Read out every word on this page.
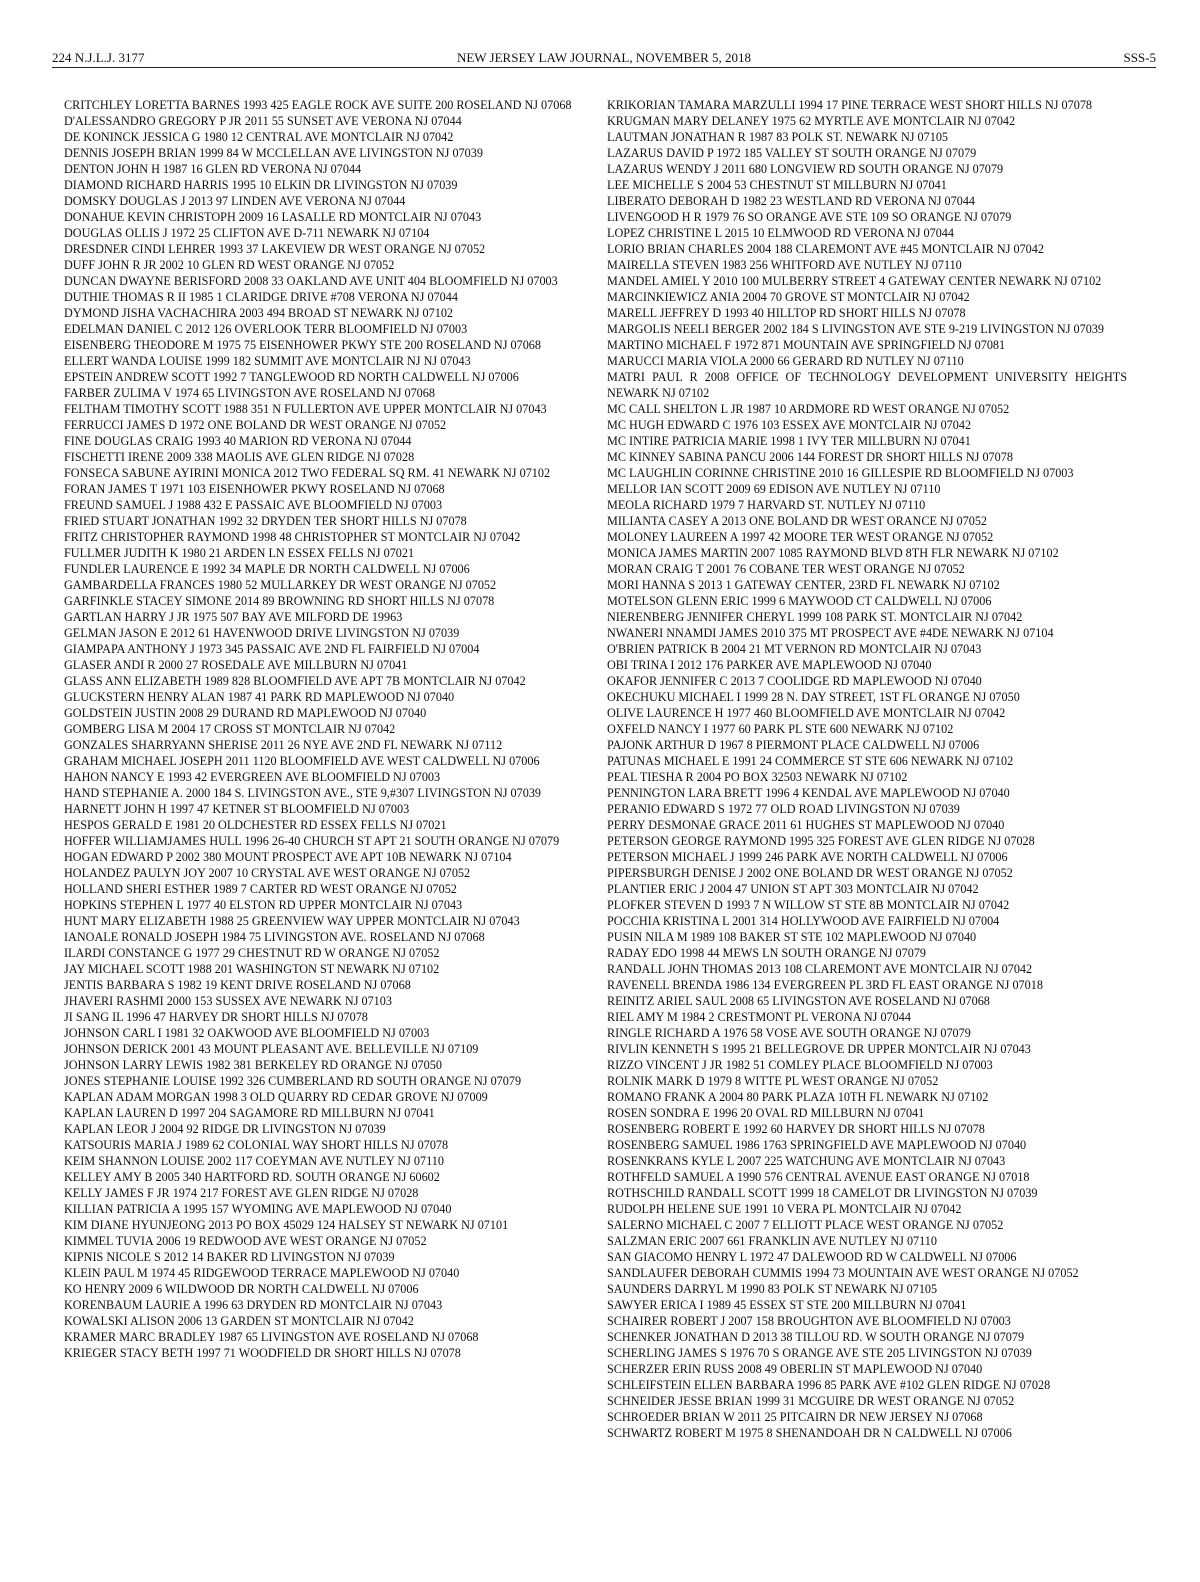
224 N.J.L.J. 3177	NEW JERSEY LAW JOURNAL, NOVEMBER 5, 2018	SSS-5

CRITCHLEY LORETTA BARNES 1993 425 EAGLE ROCK AVE SUITE 200 ROSELAND NJ 07068

D'ALESSANDRO GREGORY P JR 2011 55 SUNSET AVE VERONA NJ 07044

DE KONINCK JESSICA G 1980 12 CENTRAL AVE MONTCLAIR NJ 07042

DENNIS JOSEPH BRIAN 1999 84 W MCCLELLAN AVE LIVINGSTON NJ 07039

DENTON JOHN H 1987 16 GLEN RD VERONA NJ 07044

DIAMOND RICHARD HARRIS 1995 10 ELKIN DR LIVINGSTON NJ 07039

DOMSKY DOUGLAS J 2013 97 LINDEN AVE VERONA NJ 07044

DONAHUE KEVIN CHRISTOPH 2009 16 LASALLE RD MONTCLAIR NJ 07043

DOUGLAS OLLIS J 1972 25 CLIFTON AVE D-711 NEWARK NJ 07104

DRESDNER CINDI LEHRER 1993 37 LAKEVIEW DR WEST ORANGE NJ 07052

DUFF JOHN R JR 2002 10 GLEN RD WEST ORANGE NJ 07052

DUNCAN DWAYNE BERISFORD 2008 33 OAKLAND AVE UNIT 404 BLOOMFIELD NJ 07003

DUTHIE THOMAS R II 1985 1 CLARIDGE DRIVE #708 VERONA NJ 07044

DYMOND JISHA VACHACHIRA 2003 494 BROAD ST NEWARK NJ 07102

EDELMAN DANIEL C 2012 126 OVERLOOK TERR BLOOMFIELD NJ 07003

EISENBERG THEODORE M 1975 75 EISENHOWER PKWY STE 200 ROSELAND NJ 07068

ELLERT WANDA LOUISE 1999 182 SUMMIT AVE MONTCLAIR NJ NJ 07043

EPSTEIN ANDREW SCOTT 1992 7 TANGLEWOOD RD NORTH CALDWELL NJ 07006

FARBER ZULIMA V 1974 65 LIVINGSTON AVE ROSELAND NJ 07068

FELTHAM TIMOTHY SCOTT 1988 351 N FULLERTON AVE UPPER MONTCLAIR NJ 07043

FERRUCCI JAMES D 1972 ONE BOLAND DR WEST ORANGE NJ 07052

FINE DOUGLAS CRAIG 1993 40 MARION RD VERONA NJ 07044

FISCHETTI IRENE 2009 338 MAOLIS AVE GLEN RIDGE NJ 07028

FONSECA SABUNE AYIRINI MONICA 2012 TWO FEDERAL SQ RM. 41 NEWARK NJ 07102

FORAN JAMES T 1971 103 EISENHOWER PKWY ROSELAND NJ 07068

FREUND SAMUEL J 1988 432 E PASSAIC AVE BLOOMFIELD NJ 07003

FRIED STUART JONATHAN 1992 32 DRYDEN TER SHORT HILLS NJ 07078

FRITZ CHRISTOPHER RAYMOND 1998 48 CHRISTOPHER ST MONTCLAIR NJ 07042

FULLMER JUDITH K 1980 21 ARDEN LN ESSEX FELLS NJ 07021

FUNDLER LAURENCE E 1992 34 MAPLE DR NORTH CALDWELL NJ 07006

GAMBARDELLA FRANCES 1980 52 MULLARKEY DR WEST ORANGE NJ 07052

GARFINKLE STACEY SIMONE 2014 89 BROWNING RD SHORT HILLS NJ 07078

GARTLAN HARRY J JR 1975 507 BAY AVE MILFORD DE 19963

GELMAN JASON E 2012 61 HAVENWOOD DRIVE LIVINGSTON NJ 07039

GIAMPAPA ANTHONY J 1973 345 PASSAIC AVE 2ND FL FAIRFIELD NJ 07004

GLASER ANDI R 2000 27 ROSEDALE AVE MILLBURN NJ 07041

GLASS ANN ELIZABETH 1989 828 BLOOMFIELD AVE APT 7B MONTCLAIR NJ 07042

GLUCKSTERN HENRY ALAN 1987 41 PARK RD MAPLEWOOD NJ 07040

GOLDSTEIN JUSTIN 2008 29 DURAND RD MAPLEWOOD NJ 07040

GOMBERG LISA M 2004 17 CROSS ST MONTCLAIR NJ 07042

GONZALES SHARRYANN SHERISE 2011 26 NYE AVE 2ND FL NEWARK NJ 07112

GRAHAM MICHAEL JOSEPH 2011 1120 BLOOMFIELD AVE WEST CALDWELL NJ 07006

HAHON NANCY E 1993 42 EVERGREEN AVE BLOOMFIELD NJ 07003

HAND STEPHANIE A. 2000 184 S. LIVINGSTON AVE., STE 9,#307 LIVINGSTON NJ 07039

HARNETT JOHN H 1997 47 KETNER ST BLOOMFIELD NJ 07003

HESPOS GERALD E 1981 20 OLDCHESTER RD ESSEX FELLS NJ 07021

HOFFER WILLIAMJAMES HULL 1996 26-40 CHURCH ST APT 21 SOUTH ORANGE NJ 07079

HOGAN EDWARD P 2002 380 MOUNT PROSPECT AVE APT 10B NEWARK NJ 07104

HOLANDEZ PAULYN JOY 2007 10 CRYSTAL AVE WEST ORANGE NJ 07052

HOLLAND SHERI ESTHER 1989 7 CARTER RD WEST ORANGE NJ 07052

HOPKINS STEPHEN L 1977 40 ELSTON RD UPPER MONTCLAIR NJ 07043

HUNT MARY ELIZABETH 1988 25 GREENVIEW WAY UPPER MONTCLAIR NJ 07043

IANOALE RONALD JOSEPH 1984 75 LIVINGSTON AVE. ROSELAND NJ 07068

ILARDI CONSTANCE G 1977 29 CHESTNUT RD W ORANGE NJ 07052

JAY MICHAEL SCOTT 1988 201 WASHINGTON ST NEWARK NJ 07102

JENTIS BARBARA S 1982 19 KENT DRIVE ROSELAND NJ 07068

JHAVERI RASHMI 2000 153 SUSSEX AVE NEWARK NJ 07103

JI SANG IL 1996 47 HARVEY DR SHORT HILLS NJ 07078

JOHNSON CARL I 1981 32 OAKWOOD AVE BLOOMFIELD NJ 07003

JOHNSON DERICK 2001 43 MOUNT PLEASANT AVE. BELLEVILLE NJ 07109

JOHNSON LARRY LEWIS 1982 381 BERKELEY RD ORANGE NJ 07050

JONES STEPHANIE LOUISE 1992 326 CUMBERLAND RD SOUTH ORANGE NJ 07079

KAPLAN ADAM MORGAN 1998 3 OLD QUARRY RD CEDAR GROVE NJ 07009

KAPLAN LAUREN D 1997 204 SAGAMORE RD MILLBURN NJ 07041

KAPLAN LEOR J 2004 92 RIDGE DR LIVINGSTON NJ 07039

KATSOURIS MARIA J 1989 62 COLONIAL WAY SHORT HILLS NJ 07078

KEIM SHANNON LOUISE 2002 117 COEYMAN AVE NUTLEY NJ 07110

KELLEY AMY B 2005 340 HARTFORD RD. SOUTH ORANGE NJ 60602

KELLY JAMES F JR 1974 217 FOREST AVE GLEN RIDGE NJ 07028

KILLIAN PATRICIA A 1995 157 WYOMING AVE MAPLEWOOD NJ 07040

KIM DIANE HYUNJEONG 2013 PO BOX 45029 124 HALSEY ST NEWARK NJ 07101

KIMMEL TUVIA 2006 19 REDWOOD AVE WEST ORANGE NJ 07052

KIPNIS NICOLE S 2012 14 BAKER RD LIVINGSTON NJ 07039

KLEIN PAUL M 1974 45 RIDGEWOOD TERRACE MAPLEWOOD NJ 07040

KO HENRY 2009 6 WILDWOOD DR NORTH CALDWELL NJ 07006

KORENBAUM LAURIE A 1996 63 DRYDEN RD MONTCLAIR NJ 07043

KOWALSKI ALISON 2006 13 GARDEN ST MONTCLAIR NJ 07042

KRAMER MARC BRADLEY 1987 65 LIVINGSTON AVE ROSELAND NJ 07068

KRIEGER STACY BETH 1997 71 WOODFIELD DR SHORT HILLS NJ 07078

KRIKORIAN TAMARA MARZULLI 1994 17 PINE TERRACE WEST SHORT HILLS NJ 07078

KRUGMAN MARY DELANEY 1975 62 MYRTLE AVE MONTCLAIR NJ 07042

LAUTMAN JONATHAN R 1987 83 POLK ST. NEWARK NJ 07105

LAZARUS DAVID P 1972 185 VALLEY ST SOUTH ORANGE NJ 07079

LAZARUS WENDY J 2011 680 LONGVIEW RD SOUTH ORANGE NJ 07079

LEE MICHELLE S 2004 53 CHESTNUT ST MILLBURN NJ 07041

LIBERATO DEBORAH D 1982 23 WESTLAND RD VERONA NJ 07044

LIVENGOOD H R 1979 76 SO ORANGE AVE STE 109 SO ORANGE NJ 07079

LOPEZ CHRISTINE L 2015 10 ELMWOOD RD VERONA NJ 07044

LORIO BRIAN CHARLES 2004 188 CLAREMONT AVE #45 MONTCLAIR NJ 07042

MAIRELLA STEVEN 1983 256 WHITFORD AVE NUTLEY NJ 07110

MANDEL AMIEL Y 2010 100 MULBERRY STREET 4 GATEWAY CENTER NEWARK NJ 07102

MARCINKIEWICZ ANIA 2004 70 GROVE ST MONTCLAIR NJ 07042

MARELL JEFFREY D 1993 40 HILLTOP RD SHORT HILLS NJ 07078

MARGOLIS NEELI BERGER 2002 184 S LIVINGSTON AVE STE 9-219 LIVINGSTON NJ 07039

MARTINO MICHAEL F 1972 871 MOUNTAIN AVE SPRINGFIELD NJ 07081

MARUCCI MARIA VIOLA 2000 66 GERARD RD NUTLEY NJ 07110

MATRI PAUL R 2008 OFFICE OF TECHNOLOGY DEVELOPMENT UNIVERSITY HEIGHTS NEWARK NJ 07102

MC CALL SHELTON L JR 1987 10 ARDMORE RD WEST ORANGE NJ 07052

MC HUGH EDWARD C 1976 103 ESSEX AVE MONTCLAIR NJ 07042

MC INTIRE PATRICIA MARIE 1998 1 IVY TER MILLBURN NJ 07041

MC KINNEY SABINA PANCU 2006 144 FOREST DR SHORT HILLS NJ 07078

MC LAUGHLIN CORINNE CHRISTINE 2010 16 GILLESPIE RD BLOOMFIELD NJ 07003

MELLOR IAN SCOTT 2009 69 EDISON AVE NUTLEY NJ 07110

MEOLA RICHARD 1979 7 HARVARD ST. NUTLEY NJ 07110

MILIANTA CASEY A 2013 ONE BOLAND DR WEST ORANCE NJ 07052

MOLONEY LAUREEN A 1997 42 MOORE TER WEST ORANGE NJ 07052

MONICA JAMES MARTIN 2007 1085 RAYMOND BLVD 8TH FLR NEWARK NJ 07102

MORAN CRAIG T 2001 76 COBANE TER WEST ORANGE NJ 07052

MORI HANNA S 2013 1 GATEWAY CENTER, 23RD FL NEWARK NJ 07102

MOTELSON GLENN ERIC 1999 6 MAYWOOD CT CALDWELL NJ 07006

NIERENBERG JENNIFER CHERYL 1999 108 PARK ST. MONTCLAIR NJ 07042

NWANERI NNAMDI JAMES 2010 375 MT PROSPECT AVE #4DE NEWARK NJ 07104

O'BRIEN PATRICK B 2004 21 MT VERNON RD MONTCLAIR NJ 07043

OBI TRINA I 2012 176 PARKER AVE MAPLEWOOD NJ 07040

OKAFOR JENNIFER C 2013 7 COOLIDGE RD MAPLEWOOD NJ 07040

OKECHUKU MICHAEL I 1999 28 N. DAY STREET, 1ST FL ORANGE NJ 07050

OLIVE LAURENCE H 1977 460 BLOOMFIELD AVE MONTCLAIR NJ 07042

OXFELD NANCY I 1977 60 PARK PL STE 600 NEWARK NJ 07102

PAJONK ARTHUR D 1967 8 PIERMONT PLACE CALDWELL NJ 07006

PATUNAS MICHAEL E 1991 24 COMMERCE ST STE 606 NEWARK NJ 07102

PEAL TIESHA R 2004 PO BOX 32503 NEWARK NJ 07102

PENNINGTON LARA BRETT 1996 4 KENDAL AVE MAPLEWOOD NJ 07040

PERANIO EDWARD S 1972 77 OLD ROAD LIVINGSTON NJ 07039

PERRY DESMONAE GRACE 2011 61 HUGHES ST MAPLEWOOD NJ 07040

PETERSON GEORGE RAYMOND 1995 325 FOREST AVE GLEN RIDGE NJ 07028

PETERSON MICHAEL J 1999 246 PARK AVE NORTH CALDWELL NJ 07006

PIPERSBURGH DENISE J 2002 ONE BOLAND DR WEST ORANGE NJ 07052

PLANTIER ERIC J 2004 47 UNION ST APT 303 MONTCLAIR NJ 07042

PLOFKER STEVEN D 1993 7 N WILLOW ST STE 8B MONTCLAIR NJ 07042

POCCHIA KRISTINA L 2001 314 HOLLYWOOD AVE FAIRFIELD NJ 07004

PUSIN NILA M 1989 108 BAKER ST STE 102 MAPLEWOOD NJ 07040

RADAY EDO 1998 44 MEWS LN SOUTH ORANGE NJ 07079

RANDALL JOHN THOMAS 2013 108 CLAREMONT AVE MONTCLAIR NJ 07042

RAVENELL BRENDA 1986 134 EVERGREEN PL 3RD FL EAST ORANGE NJ 07018

REINITZ ARIEL SAUL 2008 65 LIVINGSTON AVE ROSELAND NJ 07068

RIEL AMY M 1984 2 CRESTMONT PL VERONA NJ 07044

RINGLE RICHARD A 1976 58 VOSE AVE SOUTH ORANGE NJ 07079

RIVLIN KENNETH S 1995 21 BELLEGROVE DR UPPER MONTCLAIR NJ 07043

RIZZO VINCENT J JR 1982 51 COMLEY PLACE BLOOMFIELD NJ 07003

ROLNIK MARK D 1979 8 WITTE PL WEST ORANGE NJ 07052

ROMANO FRANK A 2004 80 PARK PLAZA 10TH FL NEWARK NJ 07102

ROSEN SONDRA E 1996 20 OVAL RD MILLBURN NJ 07041

ROSENBERG ROBERT E 1992 60 HARVEY DR SHORT HILLS NJ 07078

ROSENBERG SAMUEL 1986 1763 SPRINGFIELD AVE MAPLEWOOD NJ 07040

ROSENKRANS KYLE L 2007 225 WATCHUNG AVE MONTCLAIR NJ 07043

ROTHFELD SAMUEL A 1990 576 CENTRAL AVENUE EAST ORANGE NJ 07018

ROTHSCHILD RANDALL SCOTT 1999 18 CAMELOT DR LIVINGSTON NJ 07039

RUDOLPH HELENE SUE 1991 10 VERA PL MONTCLAIR NJ 07042

SALERNO MICHAEL C 2007 7 ELLIOTT PLACE WEST ORANGE NJ 07052

SALZMAN ERIC 2007 661 FRANKLIN AVE NUTLEY NJ 07110

SAN GIACOMO HENRY L 1972 47 DALEWOOD RD W CALDWELL NJ 07006

SANDLAUFER DEBORAH CUMMIS 1994 73 MOUNTAIN AVE WEST ORANGE NJ 07052

SAUNDERS DARRYL M 1990 83 POLK ST NEWARK NJ 07105

SAWYER ERICA I 1989 45 ESSEX ST STE 200 MILLBURN NJ 07041

SCHAIRER ROBERT J 2007 158 BROUGHTON AVE BLOOMFIELD NJ 07003

SCHENKER JONATHAN D 2013 38 TILLOU RD. W SOUTH ORANGE NJ 07079

SCHERLING JAMES S 1976 70 S ORANGE AVE STE 205 LIVINGSTON NJ 07039

SCHERZER ERIN RUSS 2008 49 OBERLIN ST MAPLEWOOD NJ 07040

SCHLEIFSTEIN ELLEN BARBARA 1996 85 PARK AVE #102 GLEN RIDGE NJ 07028

SCHNEIDER JESSE BRIAN 1999 31 MCGUIRE DR WEST ORANGE NJ 07052

SCHROEDER BRIAN W 2011 25 PITCAIRN DR NEW JERSEY NJ 07068

SCHWARTZ ROBERT M 1975 8 SHENANDOAH DR N CALDWELL NJ 07006
